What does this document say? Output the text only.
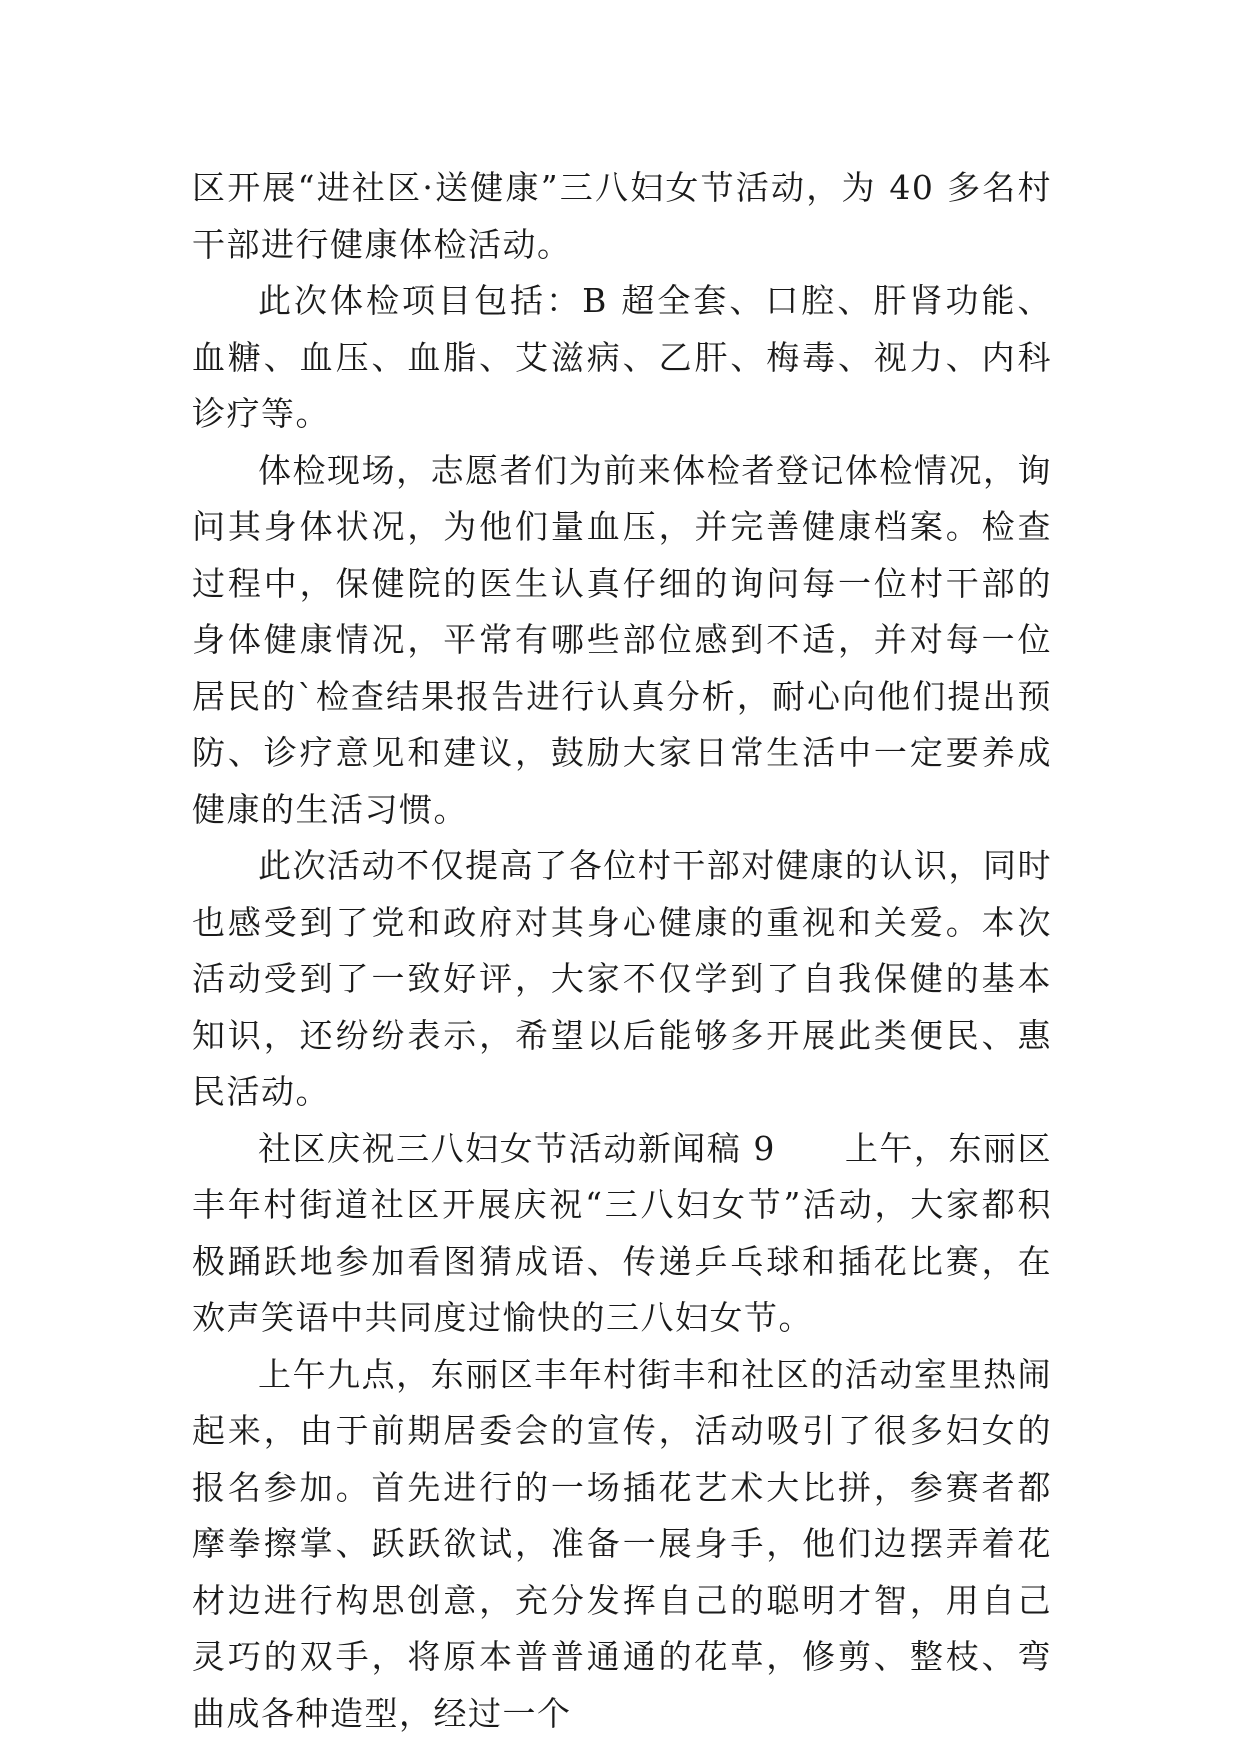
区开展“进社区·送健康”三八妇女节活动，为 40 多名村干部进行健康体检活动。

此次体检项目包括：B 超全套、口腔、肝肾功能、血糖、血压、血脂、艾滋病、乙肝、梅毒、视力、内科诊疗等。

体检现场，志愿者们为前来体检者登记体检情况，询问其身体状况，为他们量血压，并完善健康档案。检查过程中，保健院的医生认真仔细的询问每一位村干部的身体健康情况，平常有哪些部位感到不适，并对每一位居民的`检查结果报告进行认真分析，耐心向他们提出预防、诊疗意见和建议，鼓励大家日常生活中一定要养成健康的生活习惯。

此次活动不仅提高了各位村干部对健康的认识，同时也感受到了党和政府对其身心健康的重视和关爱。本次活动受到了一致好评，大家不仅学到了自我保健的基本知识，还纷纷表示，希望以后能够多开展此类便民、惠民活动。

社区庆祝三八妇女节活动新闻稿 9　　上午，东丽区丰年村街道社区开展庆祝“三八妇女节”活动，大家都积极踊跃地参加看图猜成语、传递乒乓球和插花比赛，在欢声笑语中共同度过愉快的三八妇女节。

上午九点，东丽区丰年村街丰和社区的活动室里热闹起来，由于前期居委会的宣传，活动吸引了很多妇女的报名参加。首先进行的一场插花艺术大比拼，参赛者都摩拳擦掌、跃跃欲试，准备一展身手，他们边摆弄着花材边进行构思创意，充分发挥自己的聪明才智，用自己灵巧的双手，将原本普普通通的花草，修剪、整枝、弯曲成各种造型，经过一个
